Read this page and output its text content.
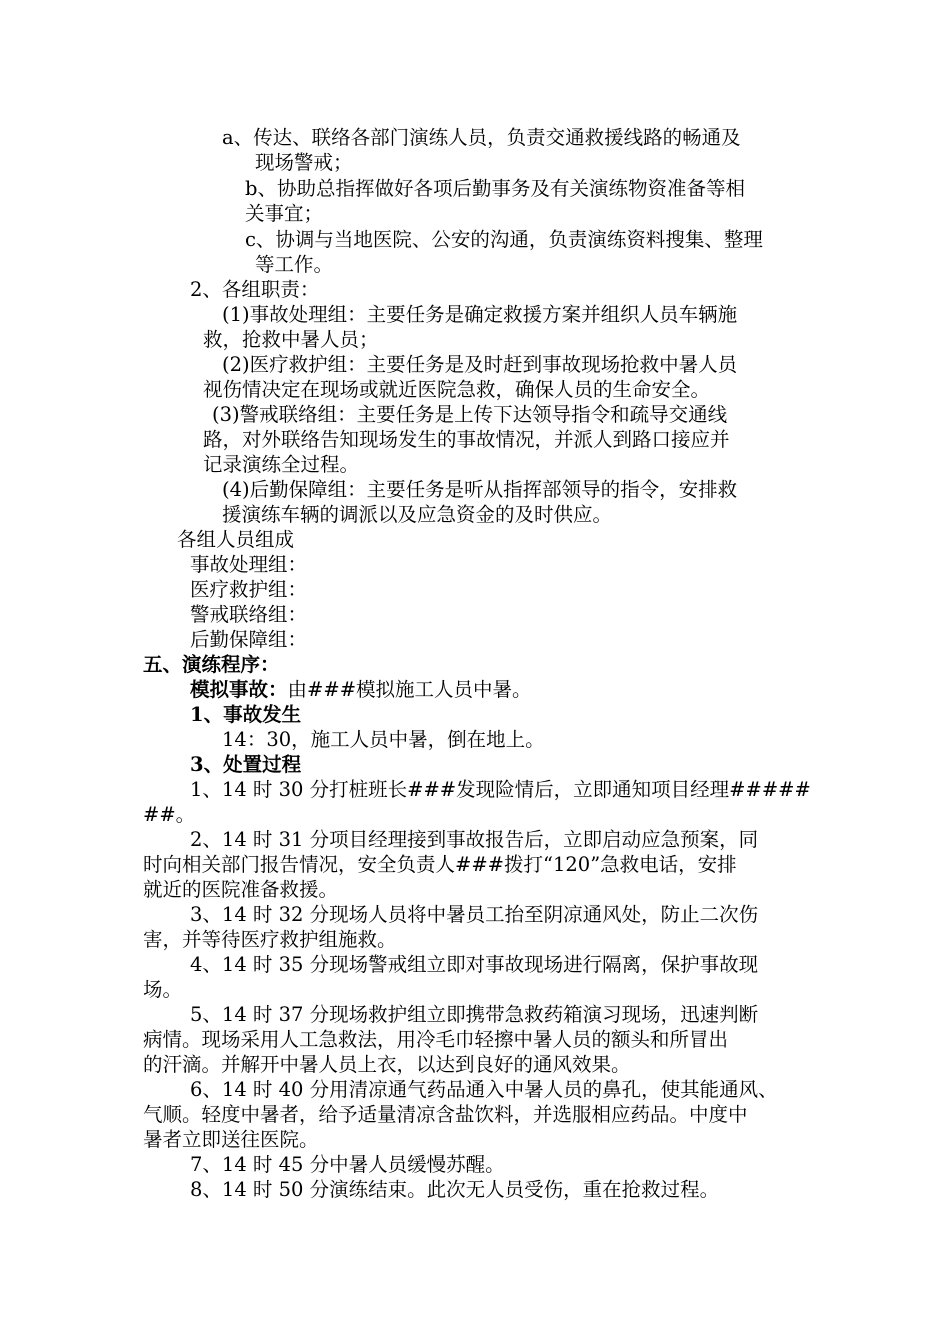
a、传达、联络各部门演练人员，负责交通救援线路的畅通及
现场警戒；
b、协助总指挥做好各项后勤事务及有关演练物资准备等相
关事宜；
c、协调与当地医院、公安的沟通，负责演练资料搜集、整理
等工作。
2、各组职责：
(1)事故处理组：主要任务是确定救援方案并组织人员车辆施
救，抢救中暑人员；
(2)医疗救护组：主要任务是及时赶到事故现场抢救中暑人员
视伤情决定在现场或就近医院急救，确保人员的生命安全。
(3)警戒联络组：主要任务是上传下达领导指令和疏导交通线
路，对外联络告知现场发生的事故情况，并派人到路口接应并
记录演练全过程。
(4)后勤保障组：主要任务是听从指挥部领导的指令，安排救
援演练车辆的调派以及应急资金的及时供应。
各组人员组成
事故处理组：
医疗救护组：
警戒联络组：
后勤保障组：
五、演练程序：
模拟事故：由###模拟施工人员中暑。
1、事故发生
14：30，施工人员中暑，倒在地上。
3、处置过程
1、14 时 30 分打桩班长###发现险情后，立即通知项目经理#####
##。
2、14 时 31 分项目经理接到事故报告后，立即启动应急预案，同
时向相关部门报告情况，安全负责人###拨打“120”急救电话，安排
就近的医院准备救援。
3、14 时 32 分现场人员将中暑员工抬至阴凉通风处，防止二次伤
害，并等待医疗救护组施救。
4、14 时 35 分现场警戒组立即对事故现场进行隔离，保护事故现
场。
5、14 时 37 分现场救护组立即携带急救药箱演习现场，迅速判断
病情。现场采用人工急救法，用冷毛巾轻擦中暑人员的额头和所冒出
的汗滴。并解开中暑人员上衣，以达到良好的通风效果。
6、14 时 40 分用清凉通气药品通入中暑人员的鼻孔，使其能通风、
气顺。轻度中暑者，给予适量清凉含盐饮料，并选服相应药品。中度中
暑者立即送往医院。
7、14 时 45 分中暑人员缓慢苏醒。
8、14 时 50 分演练结束。此次无人员受伤，重在抢救过程。
